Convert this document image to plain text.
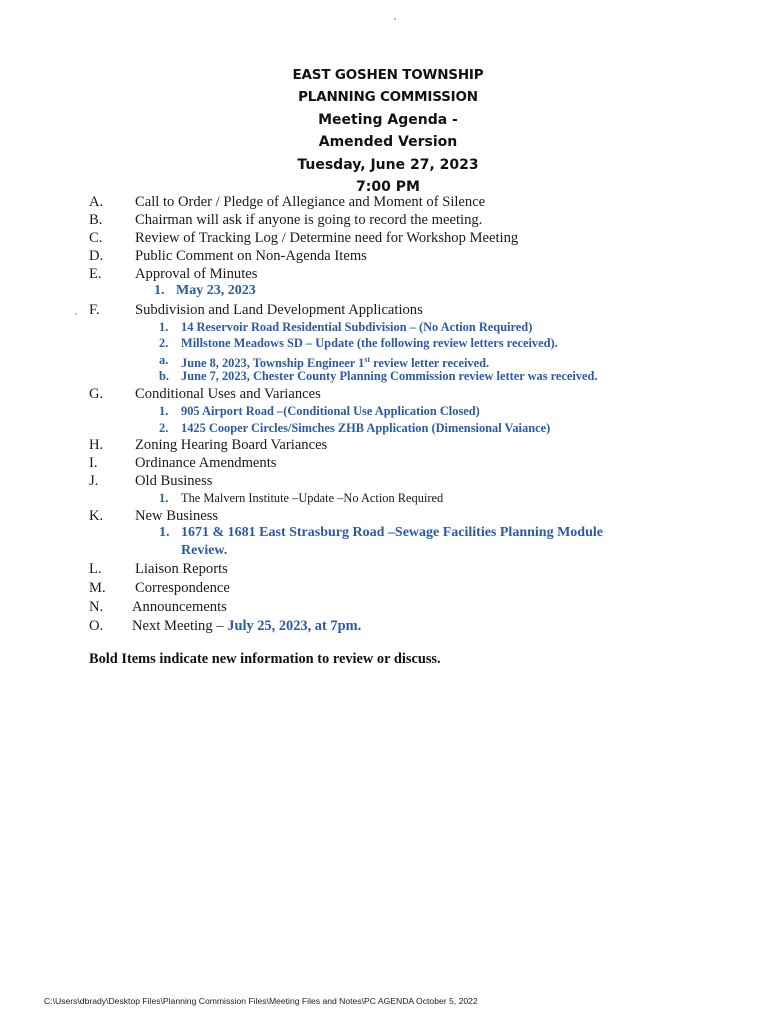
EAST GOSHEN TOWNSHIP
PLANNING COMMISSION
Meeting Agenda -
Amended Version
Tuesday, June 27, 2023
7:00 PM
A. Call to Order / Pledge of Allegiance and Moment of Silence
B. Chairman will ask if anyone is going to record the meeting.
C. Review of Tracking Log / Determine need for Workshop Meeting
D. Public Comment on Non-Agenda Items
E. Approval of Minutes
1. May 23, 2023
F. Subdivision and Land Development Applications
1. 14 Reservoir Road Residential Subdivision – (No Action Required)
2. Millstone Meadows SD – Update (the following review letters received).
a. June 8, 2023, Township Engineer 1st review letter received.
b. June 7, 2023, Chester County Planning Commission review letter was received.
G. Conditional Uses and Variances
1. 905 Airport Road –(Conditional Use Application Closed)
2. 1425 Cooper Circles/Simches ZHB Application (Dimensional Vaiance)
H. Zoning Hearing Board Variances
I.	Ordinance Amendments
J.	Old Business
1. The Malvern Institute –Update –No Action Required
K. New Business
1. 1671 & 1681 East Strasburg Road –Sewage Facilities Planning Module
Review.
L. Liaison Reports
M. Correspondence
N. Announcements
O. Next Meeting – July 25, 2023, at 7pm.
Bold Items indicate new information to review or discuss.
C:\Users\dbrady\Desktop Files\Planning Commission Files\Meeting Files and Notes\PC AGENDA October 5, 2022
